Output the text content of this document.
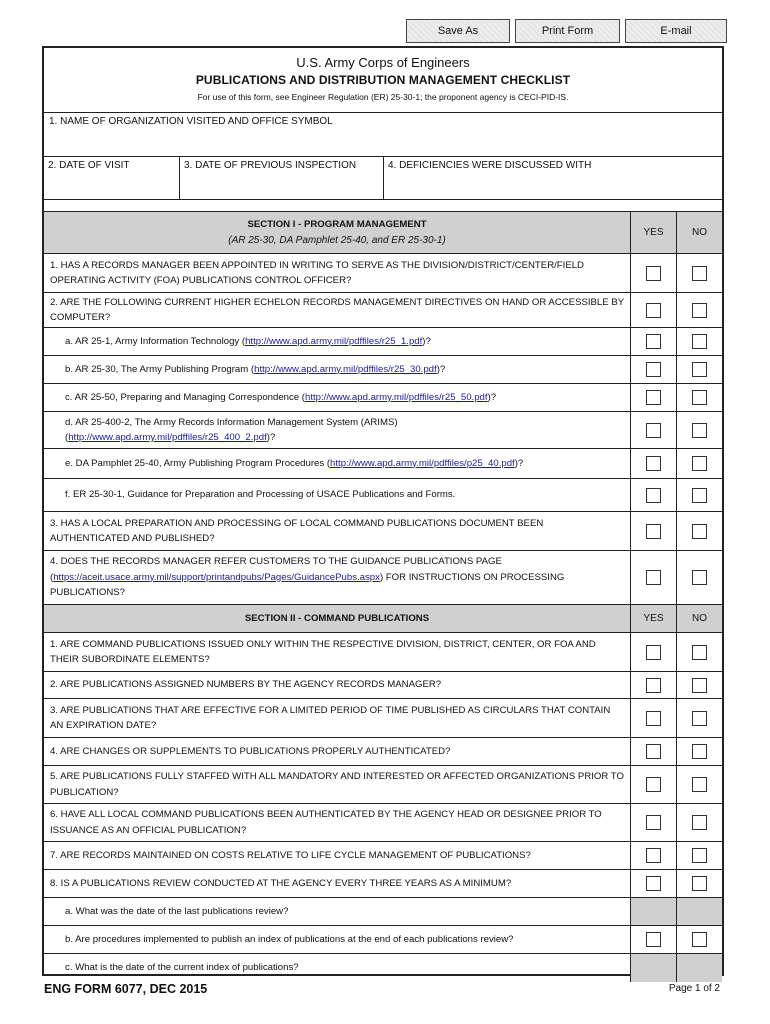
Save As	Print Form	E-mail
U.S. Army Corps of Engineers
PUBLICATIONS AND DISTRIBUTION MANAGEMENT CHECKLIST
For use of this form, see Engineer Regulation (ER) 25-30-1; the proponent agency is CECI-PID-IS.
1. NAME OF ORGANIZATION VISITED AND OFFICE SYMBOL
2. DATE OF VISIT	3. DATE OF PREVIOUS INSPECTION	4. DEFICIENCIES WERE DISCUSSED WITH
SECTION I - PROGRAM MANAGEMENT
(AR 25-30, DA Pamphlet 25-40, and ER 25-30-1)
YES	NO
1. HAS A RECORDS MANAGER BEEN APPOINTED IN WRITING TO SERVE AS THE DIVISION/DISTRICT/CENTER/FIELD OPERATING ACTIVITY (FOA) PUBLICATIONS CONTROL OFFICER?
2. ARE THE FOLLOWING CURRENT HIGHER ECHELON RECORDS MANAGEMENT DIRECTIVES ON HAND OR ACCESSIBLE BY COMPUTER?
a. AR 25-1, Army Information Technology (http://www.apd.army.mil/pdffiles/r25_1.pdf)?
b. AR 25-30, The Army Publishing Program (http://www.apd.army.mil/pdffiles/r25_30.pdf)?
c. AR 25-50, Preparing and Managing Correspondence (http://www.apd.army.mil/pdffiles/r25_50.pdf)?
d. AR 25-400-2, The Army Records Information Management System (ARIMS)
(http://www.apd.army.mil/pdffiles/r25_400_2.pdf)?
e. DA Pamphlet 25-40, Army Publishing Program Procedures (http://www.apd.army.mil/pdffiles/p25_40.pdf)?
f. ER 25-30-1, Guidance for Preparation and Processing of USACE Publications and Forms.
3. HAS A LOCAL PREPARATION AND PROCESSING OF LOCAL COMMAND PUBLICATIONS DOCUMENT BEEN AUTHENTICATED AND PUBLISHED?
4. DOES THE RECORDS MANAGER REFER CUSTOMERS TO THE GUIDANCE PUBLICATIONS PAGE
(https://aceit.usace.army.mil/support/printandpubs/Pages/GuidancePubs.aspx) FOR INSTRUCTIONS ON PROCESSING PUBLICATIONS?
SECTION II - COMMAND PUBLICATIONS	YES	NO
1. ARE COMMAND PUBLICATIONS ISSUED ONLY WITHIN THE RESPECTIVE DIVISION, DISTRICT, CENTER, OR FOA AND THEIR SUBORDINATE ELEMENTS?
2. ARE PUBLICATIONS ASSIGNED NUMBERS BY THE AGENCY RECORDS MANAGER?
3. ARE PUBLICATIONS THAT ARE EFFECTIVE FOR A LIMITED PERIOD OF TIME PUBLISHED AS CIRCULARS THAT CONTAIN AN EXPIRATION DATE?
4. ARE CHANGES OR SUPPLEMENTS TO PUBLICATIONS PROPERLY AUTHENTICATED?
5. ARE PUBLICATIONS FULLY STAFFED WITH ALL MANDATORY AND INTERESTED OR AFFECTED ORGANIZATIONS PRIOR TO PUBLICATION?
6. HAVE ALL LOCAL COMMAND PUBLICATIONS BEEN AUTHENTICATED BY THE AGENCY HEAD OR DESIGNEE PRIOR TO ISSUANCE AS AN OFFICIAL PUBLICATION?
7. ARE RECORDS MAINTAINED ON COSTS RELATIVE TO LIFE CYCLE MANAGEMENT OF PUBLICATIONS?
8. IS A PUBLICATIONS REVIEW CONDUCTED AT THE AGENCY EVERY THREE YEARS AS A MINIMUM?
a. What was the date of the last publications review?
b. Are procedures implemented to publish an index of publications at the end of each publications review?
c. What is the date of the current index of publications?
ENG FORM 6077, DEC 2015	Page 1 of 2
